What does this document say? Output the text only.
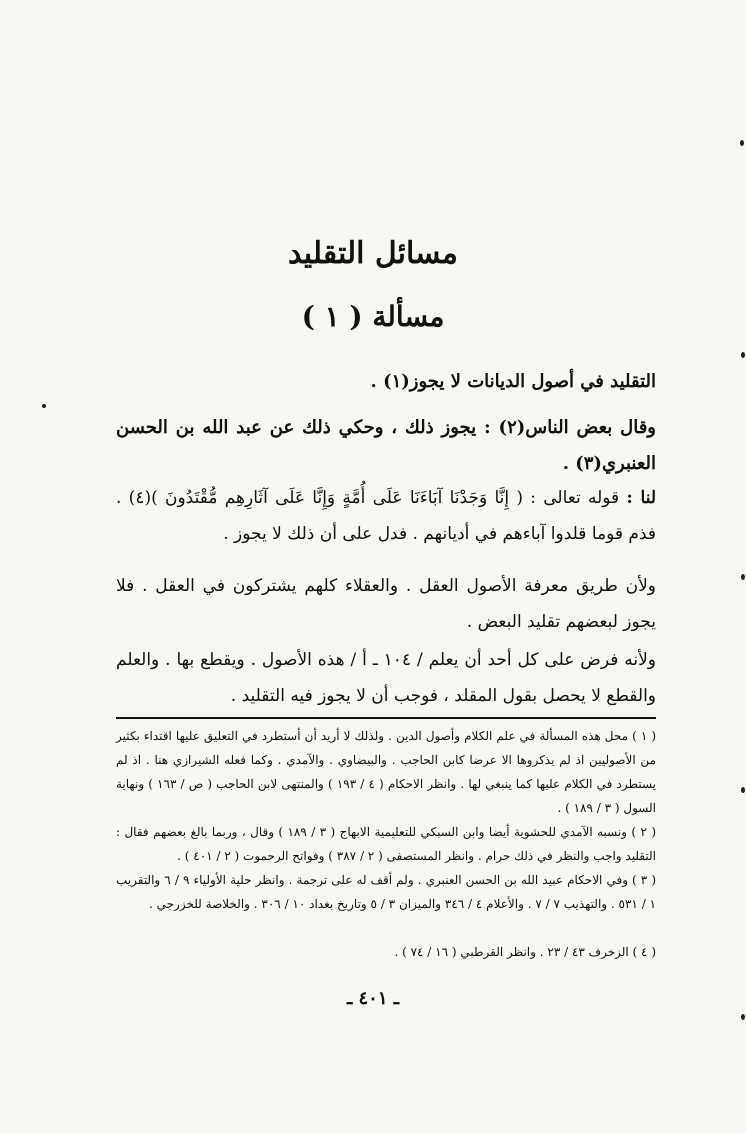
مسائل التقليد
مسألة ( ١ )
التقليد في أصول الديانات لا يجوز(١) .
وقال بعض الناس(٢) : يجوز ذلك ، وحكي ذلك عن عبد الله بن الحسن العنبري(٣) .
لنا : قوله تعالى : ( إِنَّا وَجَدْنَا آبَاءَنَا عَلَى أُمَّةٍ وَإِنَّا عَلَى آثَارِهِم مُّقْتَدُونَ )(٤) . فذم قوما قلدوا آباءهم في أديانهم . فدل على أن ذلك لا يجوز .
ولأن طريق معرفة الأصول العقل . والعقلاء كلهم يشتركون في العقل . فلا يجوز لبعضهم تقليد البعض .
ولأنه فرض على كل أحد أن يعلم / ١٠٤ ـ أ / هذه الأصول . ويقطع بها . والعلم والقطع لا يحصل بقول المقلد ، فوجب أن لا يجوز فيه التقليد .
( ١ ) محل هذه المسألة في علم الكلام وأصول الدين . ولذلك لا أريد أن أستطرد في التعليق عليها اقتداء بكثير من الأصوليين اذ لم يذكروها الا عرضا كابن الحاجب . والبيضاوي . والآمدي . وكما فعله الشيرازي هنا . اذ لم يستطرد في الكلام عليها كما ينبغي لها . وانظر الاحكام ( ٤ / ١٩٣ ) والمنتهى لابن الحاجب ( ص / ١٦٣ ) ونهاية السول ( ٣ / ١٨٩ ) .
( ٢ ) ونسبه الآمدي للحشوية أيضا وابن السبكي للتعليمية الابهاج ( ٣ / ١٨٩ ) وقال ، وربما بالغ بعضهم فقال : التقليد واجب والنظر في ذلك حرام . وانظر المستصفى ( ٢ / ٣٨٧ ) وفواتح الرحموت ( ٢ / ٤٠١ ) .
( ٣ ) وفي الاحكام عبيد الله بن الحسن العنبري . ولم أقف له على ترجمة . وانظر حلية الأولياء ٩ / ٦ والتقريب ١ / ٥٣١ . والتهذيب ٧ / ٧ . والأعلام ٤ / ٣٤٦ والميزان ٣ / ٥ وتاريخ بغداد ١٠ / ٣٠٦ . والخلاصة للخزرجي .
( ٤ ) الزخرف ٤٣ / ٢٣ . وانظر القرطبي ( ١٦ / ٧٤ ) .
ـ ٤٠١ ـ
